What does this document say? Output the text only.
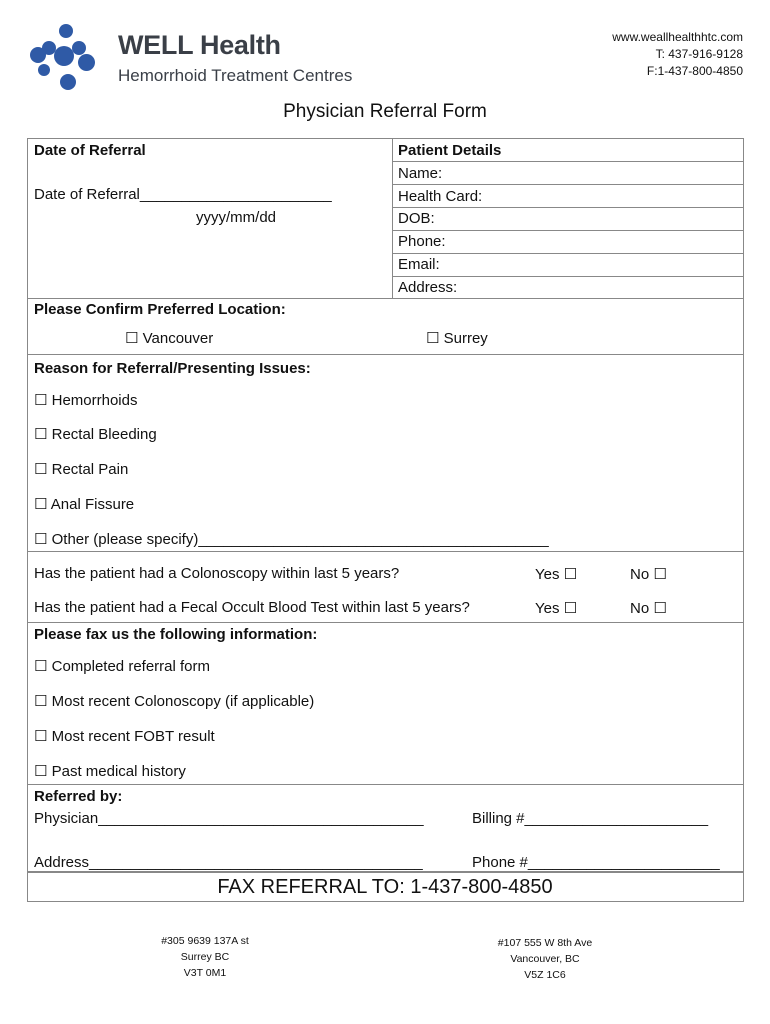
WELL Health
Hemorrhoid Treatment Centres
www.weallhealthhtc.com
T: 437-916-9128
F:1-437-800-4850
Physician Referral Form
Date of Referral
Date of Referral_______________________
yyyy/mm/dd
Patient Details
Name:
Health Card:
DOB:
Phone:
Email:
Address:
Please Confirm Preferred Location:
☐ Vancouver	☐ Surrey
Reason for Referral/Presenting Issues:
☐ Hemorrhoids
☐ Rectal Bleeding
☐ Rectal Pain
☐ Anal Fissure
☐ Other (please specify)__________________________________________
Has the patient had a Colonoscopy within last 5 years?	Yes ☐	No ☐
Has the patient had a Fecal Occult Blood Test within last 5 years?	Yes ☐	No ☐
Please fax us the following information:
☐ Completed referral form
☐ Most recent Colonoscopy (if applicable)
☐ Most recent FOBT result
☐ Past medical history
Referred by:
Physician_______________________________________	Billing #______________________
Address________________________________________	Phone #_______________________
FAX REFERRAL TO: 1-437-800-4850
#305 9639 137A st
Surrey BC
V3T 0M1
#107 555 W 8th Ave
Vancouver, BC
V5Z 1C6
